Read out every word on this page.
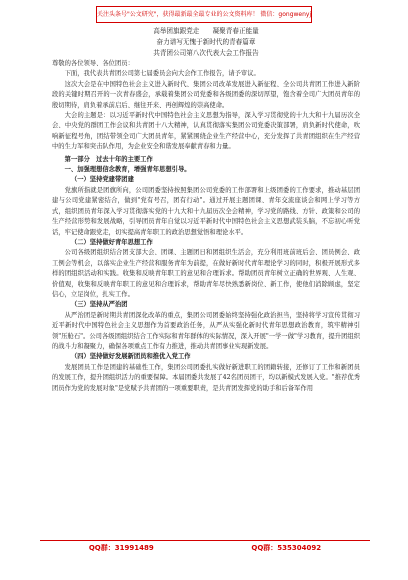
关注头条号"公文研究"，获得最新最全最专业的公文资料库！ 微信：gongwenyj

高举团旗跟党走　　凝聚青春正能量

奋力谱写无愧于新时代的青春篇章

共青团公司第八次代表大会工作报告

尊敬的各位领导、各位团员：

下面，我代表共青团公司第七届委员会向大会作工作报告，请予审议。

这次大会是在中国特色社会主义进入新时代、集团公司改革发展进入新征程、全公司共青团工作进入新阶段的关键时期召开的一次青春盛会，承载着集团公司党委和各级团委的深切厚望，饱含着全司广大团员青年的殷切期待，肩负着承前启后、继往开来、再创辉煌的崇高使命。

大会的主题是：以习近平新时代中国特色社会主义思想为指导，深入学习贯彻党的十九大和十九届历次全会、中央党的群团工作会议和共青团十八大精神，认真贯彻落实集团公司党委决策部署，肩负新时代使命，吹响新征程号角，团结带领全司广大团员青年，紧紧围绕企业生产经营中心，充分发挥了共青团组织在生产经营中的生力军和突击队作用，为企业安全和谐发展奉献青春和力量。

第一部分　过去十年的主要工作

一、加强理想信念教育，增强青年思想引导。

（一）坚持党建带团建

党旗所指就是团旗所向，公司团委坚持按照集团公司党委的工作部署和上级团委的工作要求，推动基层团建与公司党建紧密结合，做到"党有号召，团有行动"。通过开展主题团课、青年交流座谈会和网上学习等方式，组织团员青年深入学习贯彻落实党的十九大和十九届历次全会精神，学习党的路线、方针、政策和公司的生产经营形势和发展战略，引导团员青年自觉以习近平新时代中国特色社会主义思想武装头脑，不忘初心听党话，牢记使命跟党走，切实提高青年职工的政治思想觉悟和理论水平。

（二）坚持做好青年思想工作

公司各级团组织结合团支部大会、团课、主题团日和团组织生活会，充分利用班前班后会、团员例会、政工例会等机会，以落实企业生产经营和服务青年为前提，在做好新时代青年理论学习的同时，积极开展形式多样的团组织活动和实践。收集和反映青年职工的意见和合理诉求。帮助团员青年树立正确的世界观、人生观、价值观，收集和反映青年职工的意见和合理诉求，帮助青年尽快熟悉新岗位、新工作，使他们消除顾虑，坚定信心，立足岗位，扎实工作。

（三）坚持从严治团

从严治团是新时期共青团深化改革的重点，集团公司团委始终坚持强化政治担当，坚持将学习宣传贯彻习近平新时代中国特色社会主义思想作为首要政治任务，从严从实强化新时代青年思想政治教育，筑牢精神引领"压舱石"。公司各级团组织结合工作实际和青年群体的实际情况，深入开展"一学一做"学习教育，提升团组织的战斗力和凝聚力，确保各项重点工作有力推进，推动共青团事业实现新发展。

（四）坚持做好发展新团员和推优入党工作

发展团员工作是团建的基础性工作，集团公司团委扎实做好新进职工的团籍转接，还修订了工作和新团员的发展工作，提升团组织活力的重要保障。本届团委共发展了42名团员团干，均以新模式发展入党。"推荐优秀团员作为党的发展对象"是党赋予共青团的一项重要职责，是共青团发挥党的助手和后备军作用

QQ群：31991489	QQ群：535304092
